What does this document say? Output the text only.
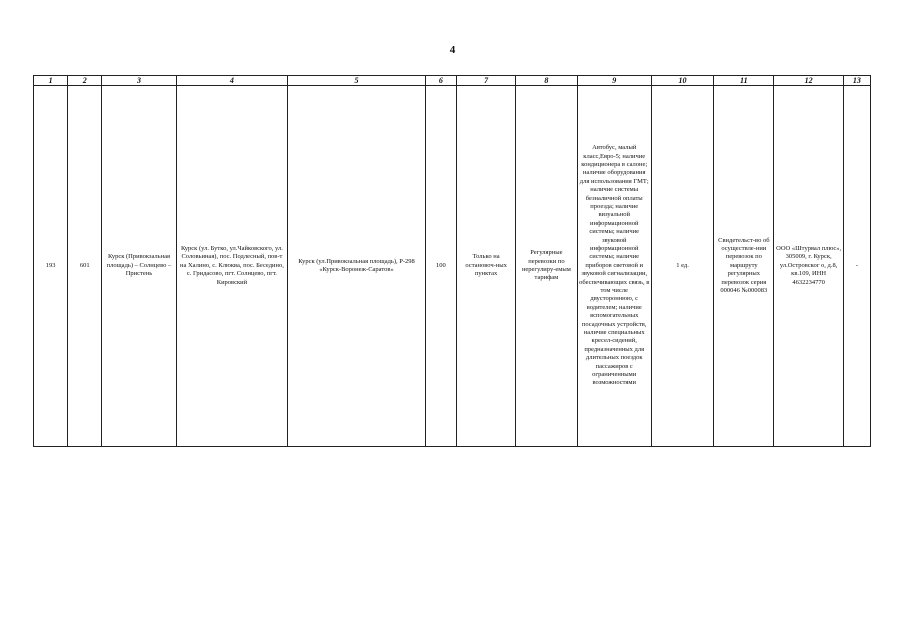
4
1	2	3	4	5	6	7	8	9	10	11	12	13
193	601	Курск (Привокзальная площадь) – Солнцево – Пристень	Курск (ул. Бутко, ул.Чайковского, ул. Соловьиная), пос. Подлесный, пов-т на Халино, с. Клюква, пос. Беседино, с. Гридасово, пгт. Солнцево, пгт. Кировский	Курск (ул.Привокзальная площадь), Р-298 «Курск-Воронеж-Саратов»	100	Только на остановоч-ных пунктах	Регулярные перевозки по нерегулиру-емым тарифам	Автобус, малый класс,Евро-5; наличие кондиционера в салоне; наличие оборудования для использования ГМТ; наличие системы безналичной оплаты проезда; наличие визуальной информационной системы; наличие звуковой информационной системы; наличие приборов световой и звуковой сигнализации, обеспечивающих связь, в том числе двустороннюю, с водителем; наличие вспомогательных посадочных устройств, наличие специальных кресел-сидений, предназначенных для длительных поездок пассажиров с ограниченными возможностями	1 ед.	Свидетельст-во об осуществле-нии перевозок по маршруту регулярных перевозок серия 000046 №000083	ООО «Штурвал плюс», 305009, г. Курск, ул.Островског о, д.8, кв.109, ИНН 4632234770	-
